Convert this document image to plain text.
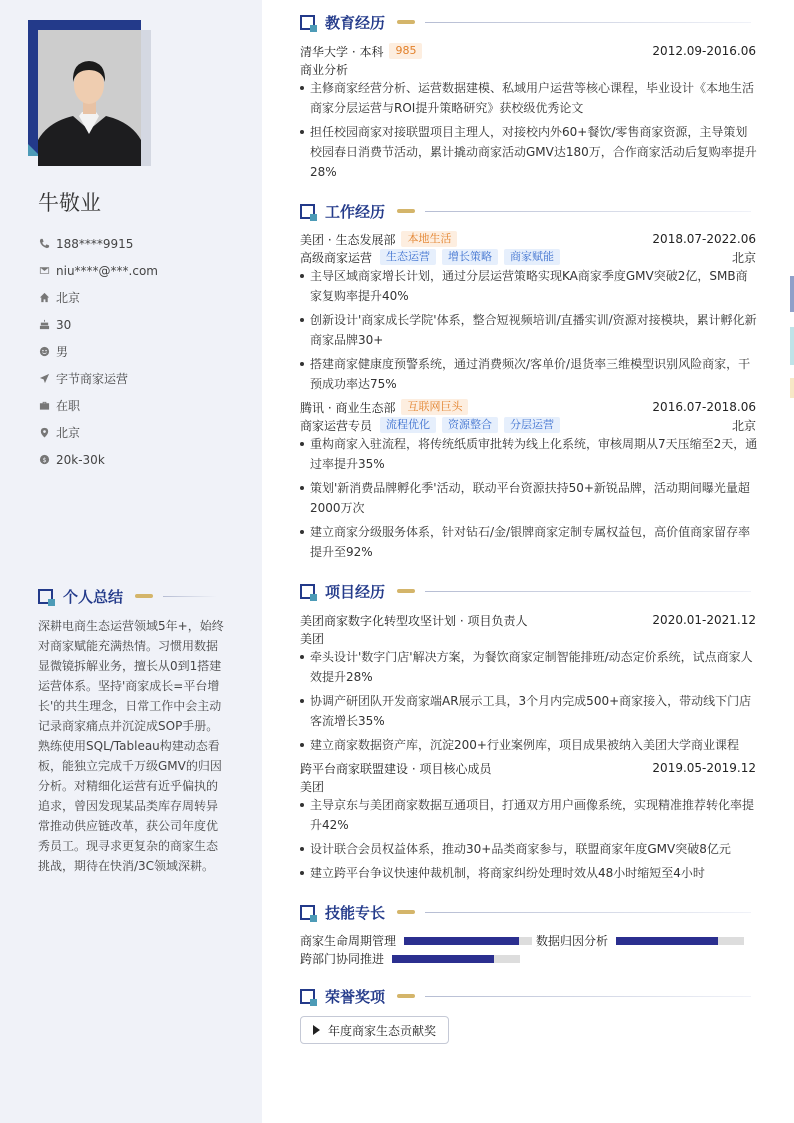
牛敬业
188****9915
niu****@***.com
北京
30
男
字节商家运营
在职
北京
$ 20k-30k
个人总结
深耕电商生态运营领域5年+，始终对商家赋能充满热情。习惯用数据显微镜拆解业务，擅长从0到1搭建运营体系。坚持'商家成长=平台增长'的共生理念，日常工作中会主动记录商家痛点并沉淀成SOP手册。熟练使用SQL/Tableau构建动态看板，能独立完成千万级GMV的归因分析。对精细化运营有近乎偏执的追求，曾因发现某品类库存周转异常推动供应链改革，获公司年度优秀员工。现寻求更复杂的商家生态挑战，期待在快消/3C领域深耕。
教育经历
清华大学 · 本科	985	2012.09-2016.06
商业分析
主修商家经营分析、运营数据建模、私域用户运营等核心课程，毕业设计《本地生活商家分层运营与ROI提升策略研究》获校级优秀论文
担任校园商家对接联盟项目主理人，对接校内外60+餐饮/零售商家资源，主导策划校园春日消费节活动，累计撬动商家活动GMV达180万，合作商家活动后复购率提升28%
工作经历
美团 · 生态发展部	本地生活	2018.07-2022.06
高级商家运营	生态运营	增长策略	商家赋能	北京
主导区域商家增长计划，通过分层运营策略实现KA商家季度GMV突破2亿，SMB商家复购率提升40%
创新设计'商家成长学院'体系，整合短视频培训/直播实训/资源对接模块，累计孵化新商家品牌30+
搭建商家健康度预警系统，通过消费频次/客单价/退货率三维模型识别风险商家，干预成功率达75%
腾讯 · 商业生态部	互联网巨头	2016.07-2018.06
商家运营专员	流程优化	资源整合	分层运营	北京
重构商家入驻流程，将传统纸质审批转为线上化系统，审核周期从7天压缩至2天，通过率提升35%
策划'新消费品牌孵化季'活动，联动平台资源扶持50+新锐品牌，活动期间曝光量超2000万次
建立商家分级服务体系，针对钻石/金/银牌商家定制专属权益包，高价值商家留存率提升至92%
项目经历
美团商家数字化转型攻坚计划 · 项目负责人	2020.01-2021.12
美团
牵头设计'数字门店'解决方案，为餐饮商家定制智能排班/动态定价系统，试点商家人效提升28%
协调产研团队开发商家端AR展示工具，3个月内完成500+商家接入，带动线下门店客流增长35%
建立商家数据资产库，沉淀200+行业案例库，项目成果被纳入美团大学商业课程
跨平台商家联盟建设 · 项目核心成员	2019.05-2019.12
美团
主导京东与美团商家数据互通项目，打通双方用户画像系统，实现精准推荐转化率提升42%
设计联合会员权益体系，推动30+品类商家参与，联盟商家年度GMV突破8亿元
建立跨平台争议快速仲裁机制，将商家纠纷处理时效从48小时缩短至4小时
技能专长
商家生命周期管理	数据归因分析
跨部门协同推进
荣誉奖项
年度商家生态贡献奖
